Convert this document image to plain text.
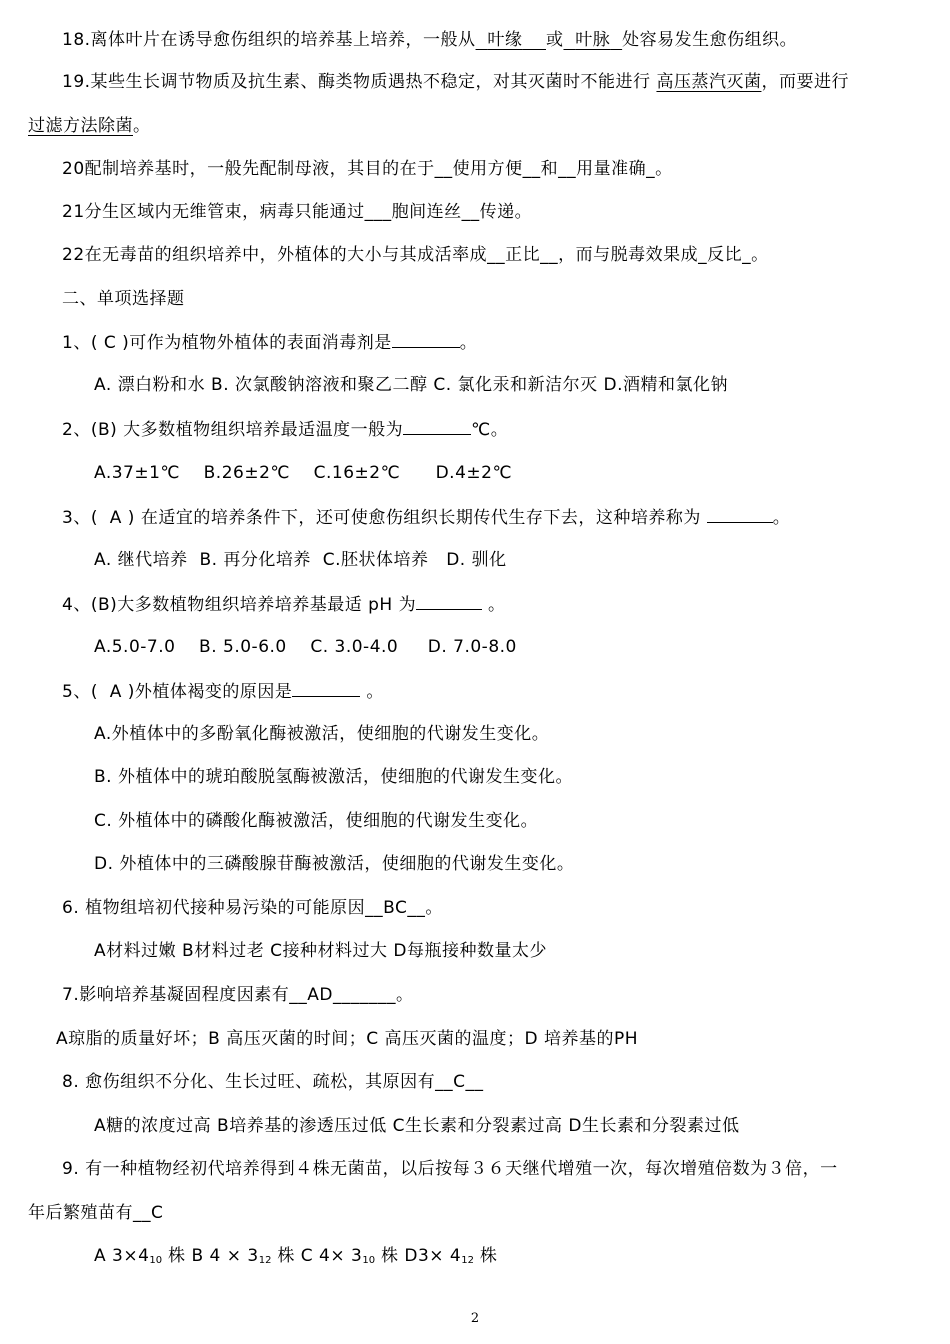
18.离体叶片在诱导愈伤组织的培养基上培养，一般从 叶缘 或 叶脉 处容易发生愈伤组织。
19.某些生长调节物质及抗生素、酶类物质遇热不稳定，对其灭菌时不能进行 高压蒸汽灭菌，而要进行
过滤方法除菌。
20配制培养基时，一般先配制母液，其目的在于__使用方便__和__用量准确_。
21分生区域内无维管束，病毒只能通过___胞间连丝__传递。
22在无毒苗的组织培养中，外植体的大小与其成活率成__正比__，而与脱毒效果成_反比_。
二、单项选择题
1、( C )可作为植物外植体的表面消毒剂是	。
A. 漂白粉和水 B. 次氯酸钠溶液和聚乙二醇 C. 氯化汞和新洁尔灭 D.酒精和氯化钠
2、(B) 大多数植物组织培养最适温度一般为	℃。
A.37±1℃    B.26±2℃    C.16±2℃      D.4±2℃
3、(  A ) 在适宜的培养条件下，还可使愈伤组织长期传代生存下去，这种培养称为	。
A. 继代培养  B. 再分化培养  C.胚状体培养   D. 驯化
4、(B)大多数植物组织培养培养基最适 pH 为	。
A.5.0-7.0    B. 5.0-6.0    C. 3.0-4.0     D. 7.0-8.0
5、(  A )外植体褐变的原因是	。
A.外植体中的多酚氧化酶被激活，使细胞的代谢发生变化。
B. 外植体中的琥珀酸脱氢酶被激活，使细胞的代谢发生变化。
C. 外植体中的磷酸化酶被激活，使细胞的代谢发生变化。
D. 外植体中的三磷酸腺苷酶被激活，使细胞的代谢发生变化。
6. 植物组培初代接种易污染的可能原因__BC__。
A材料过嫩 B材料过老 C接种材料过大 D每瓶接种数量太少
7.影响培养基凝固程度因素有__AD_______。
A琼脂的质量好坏；B 高压灭菌的时间；C 高压灭菌的温度；D 培养基的PH
8. 愈伤组织不分化、生长过旺、疏松，其原因有__C__
A糖的浓度过高 B培养基的渗透压过低 C生长素和分裂素过高 D生长素和分裂素过低
9. 有一种植物经初代培养得到４株无菌苗，以后按每３６天继代增殖一次，每次增殖倍数为３倍，一
年后繁殖苗有__C
A $3\times 4_{10}$ 株 B $4 \times 3_{12}$ 株 C $4\times 3_{10}$ 株 $D3\times 4_{12}$ 株
2
